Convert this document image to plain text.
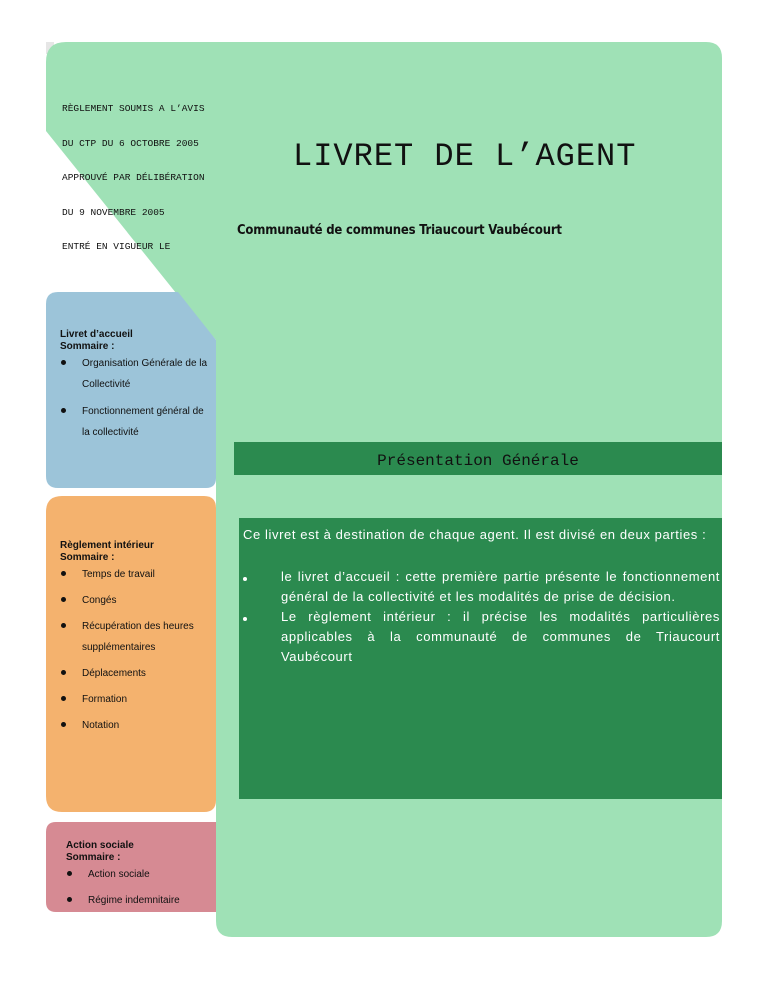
RÈGLEMENT SOUMIS A L’AVIS

DU CTP DU 6 OCTOBRE 2005

APPROUVÉ PAR DÉLIBÉRATION

DU 9 NOVEMBRE 2005

ENTRÉ EN VIGUEUR LE

LIVRET DE L’AGENT
Communauté de communes Triaucourt Vaubécourt
Livret d’accueil
Sommaire :
Organisation Générale de la Collectivité
Fonctionnement général de la collectivité
Règlement intérieur
Sommaire :
Temps de travail
Congés
Récupération des heures supplémentaires
Déplacements
Formation
Notation
Action sociale
Sommaire :
Action sociale
Régime indemnitaire
Présentation Générale
Ce livret est à destination de chaque agent. Il est divisé en deux parties :
le livret d’accueil : cette première partie présente le fonctionnement général de la collectivité et les modalités de prise de décision.
Le règlement intérieur : il précise les modalités particulières applicables à la communauté de communes de Triaucourt Vaubécourt
